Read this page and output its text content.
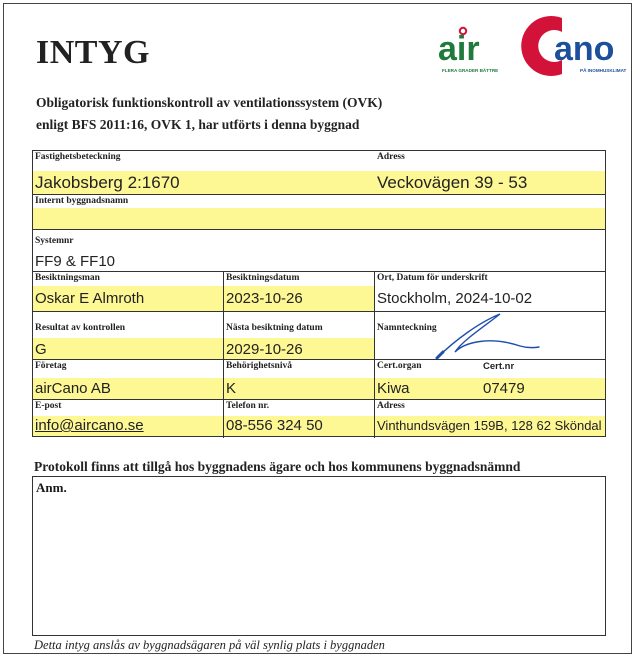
INTYG
Obligatorisk funktionskontroll av ventilationssystem (OVK)
enligt BFS 2011:16, OVK 1, har utförts i denna byggnad
air ano
FLERA GRADER BÄTTRE	PÅ INOMHUSKLIMAT
Fastighetsbeteckning
Jakobsberg 2:1670
Adress
Veckovägen 39 - 53
Internt byggnadsnamn
Systemnr
FF9 & FF10
Besiktningsman
Oskar E Almroth
Besiktningsdatum
2023-10-26
Ort, Datum för underskrift
Stockholm, 2024-10-02
Resultat av kontrollen
G
Nästa besiktning datum
2029-10-26
Namnteckning
Företag
airCano AB
Behörighetsnivå
K
Cert.organ	Cert.nr
Kiwa	07479
E-post
info@aircano.se
Telefon nr.
08-556 324 50
Adress
Vinthundsvägen 159B, 128 62 Sköndal
Protokoll finns att tillgå hos byggnadens ägare och hos kommunens byggnadsnämnd
Anm.
Detta intyg anslås av byggnadsägaren på väl synlig plats i byggnaden
